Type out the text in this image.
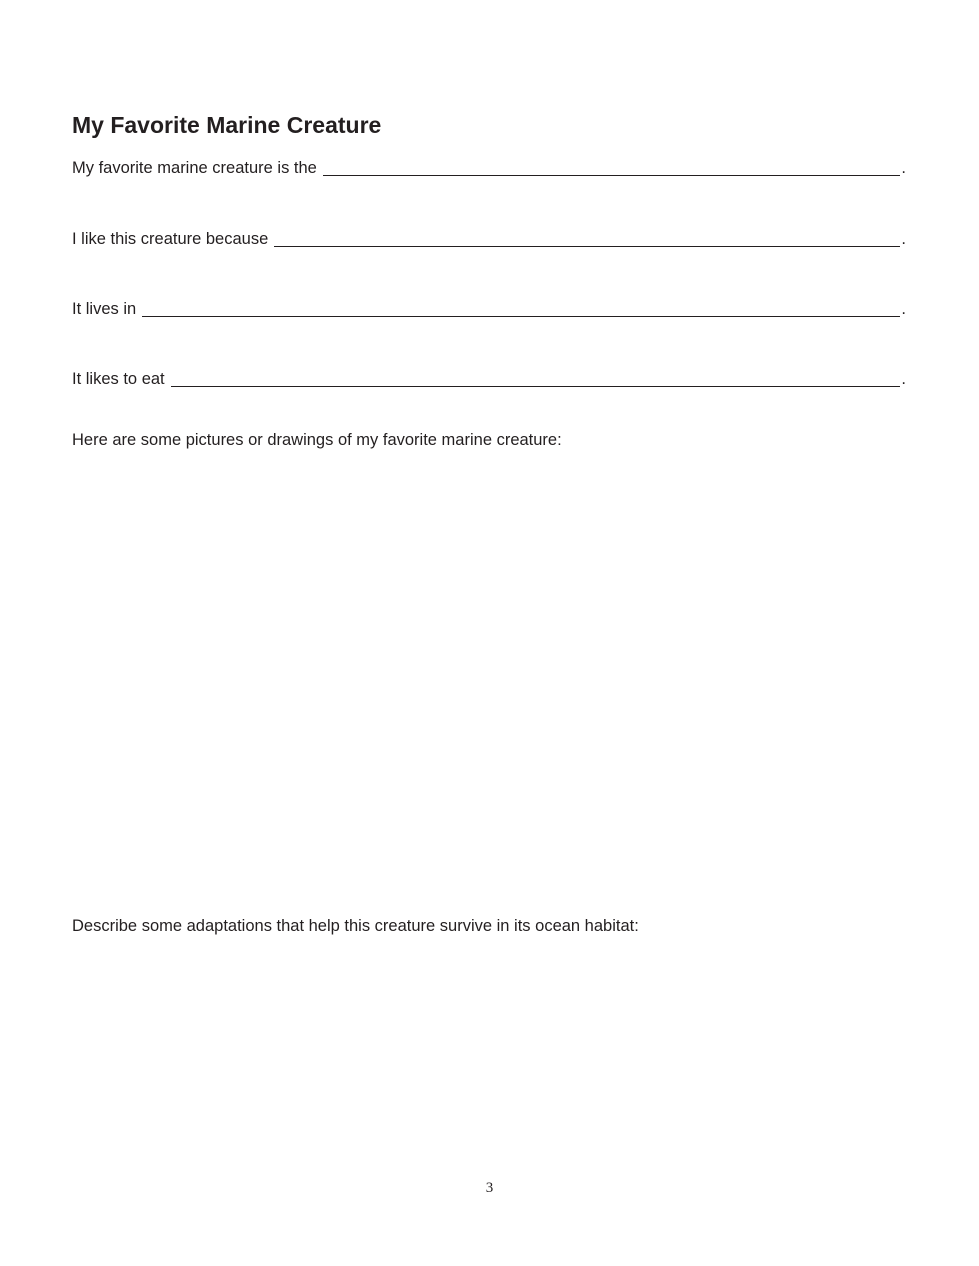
My Favorite Marine Creature
My favorite marine creature is the	.
I like this creature because	.
It lives in	.
It likes to eat	.
Here are some pictures or drawings of my favorite marine creature:
Describe some adaptations that help this creature survive in its ocean habitat:
3
